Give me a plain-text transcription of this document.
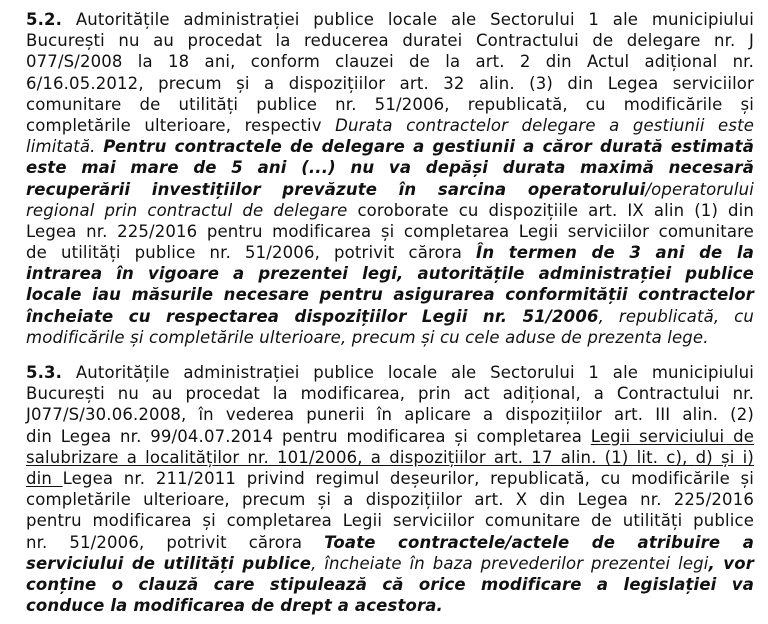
5.2. Autoritățile administrației publice locale ale Sectorului 1 ale municipiului
București nu au procedat la reducerea duratei Contractului de delegare nr. J
077/S/2008 la 18 ani, conform clauzei de la art. 2 din Actul adițional nr.
6/16.05.2012, precum și a dispozițiilor art. 32 alin. (3) din Legea serviciilor
comunitare de utilități publice nr. 51/2006, republicată, cu modificările și
completările ulterioare, respectiv Durata contractelor delegare a gestiunii este
limitată. Pentru contractele de delegare a gestiunii a căror durată estimată
este mai mare de 5 ani (...) nu va depăși durata maximă necesară
recuperării investițiilor prevăzute în sarcina operatorului/operatorului
regional prin contractul de delegare coroborate cu dispozițiile art. IX alin (1) din
Legea nr. 225/2016 pentru modificarea și completarea Legii serviciilor comunitare
de utilități publice nr. 51/2006, potrivit cărora În termen de 3 ani de la
intrarea în vigoare a prezentei legi, autoritățile administrației publice
locale iau măsurile necesare pentru asigurarea conformității contractelor
încheiate cu respectarea dispozițiilor Legii nr. 51/2006, republicată, cu
modificările și completările ulterioare, precum și cu cele aduse de prezenta lege.
5.3. Autoritățile administrației publice locale ale Sectorului 1 ale municipiului
București nu au procedat la modificarea, prin act adițional, a Contractului nr.
J077/S/30.06.2008, în vederea punerii în aplicare a dispozițiilor art. III alin. (2)
din Legea nr. 99/04.07.2014 pentru modificarea și completarea Legii serviciului de
salubrizare a localităților nr. 101/2006, a dispozițiilor art. 17 alin. (1) lit. c), d) și i)
din Legea nr. 211/2011 privind regimul deșeurilor, republicată, cu modificările și
completările ulterioare, precum și a dispozițiilor art. X din Legea nr. 225/2016
pentru modificarea și completarea Legii serviciilor comunitare de utilități publice
nr. 51/2006, potrivit cărora Toate contractele/actele de atribuire a
serviciului de utilități publice, încheiate în baza prevederilor prezentei legi, vor
conține o clauză care stipulează că orice modificare a legislației va
conduce la modificarea de drept a acestora.
